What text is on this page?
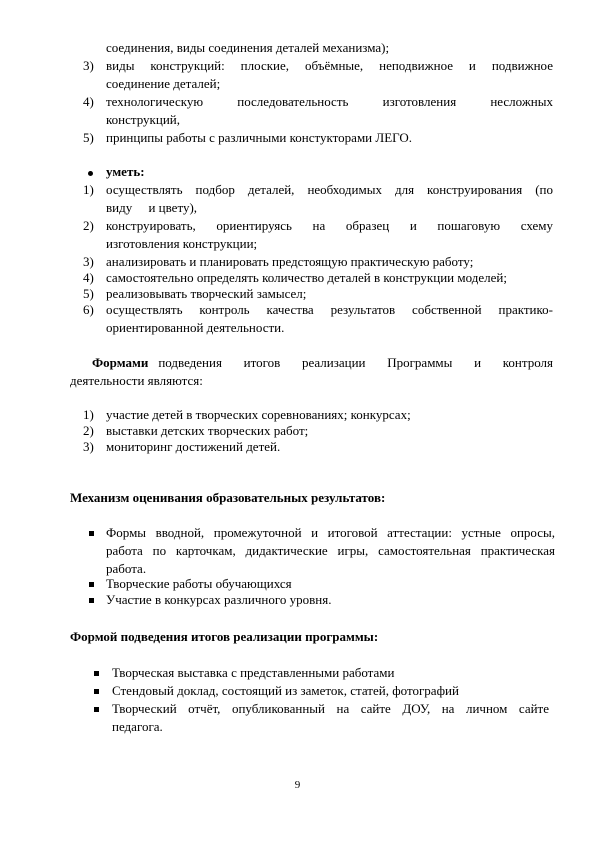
соединения, виды соединения деталей механизма);
3) виды конструкций: плоские, объёмные, неподвижное и подвижное
соединение деталей;
4) технологическую последовательность изготовления несложных
конструкций,
5) принципы работы с различными констукторами ЛЕГО.
уметь:
1) осуществлять подбор деталей, необходимых для конструирования (по
виду     и цвету),
2) конструировать, ориентируясь на образец и пошаговую схему
изготовления конструкции;
3) анализировать и планировать предстоящую практическую работу;
4) самостоятельно определять количество деталей в конструкции моделей;
5) реализовывать творческий замысел;
6) осуществлять контроль качества результатов собственной практико-
ориентированной деятельности.
Формами подведения итогов реализации Программы и контроля
деятельности являются:
1) участие детей в творческих соревнованиях; конкурсах;
2) выставки детских творческих работ;
3) мониторинг достижений детей.
Механизм оценивания образовательных результатов:
Формы вводной, промежуточной и итоговой аттестации: устные опросы,
работа по карточкам, дидактические игры, самостоятельная практическая
работа.
Творческие работы обучающихся
Участие в конкурсах различного уровня.
Формой подведения итогов реализации программы:
Творческая выставка с представленными работами
Стендовый доклад, состоящий из заметок, статей, фотографий
Творческий отчёт, опубликованный на сайте ДОУ, на личном сайте
педагога.
9
